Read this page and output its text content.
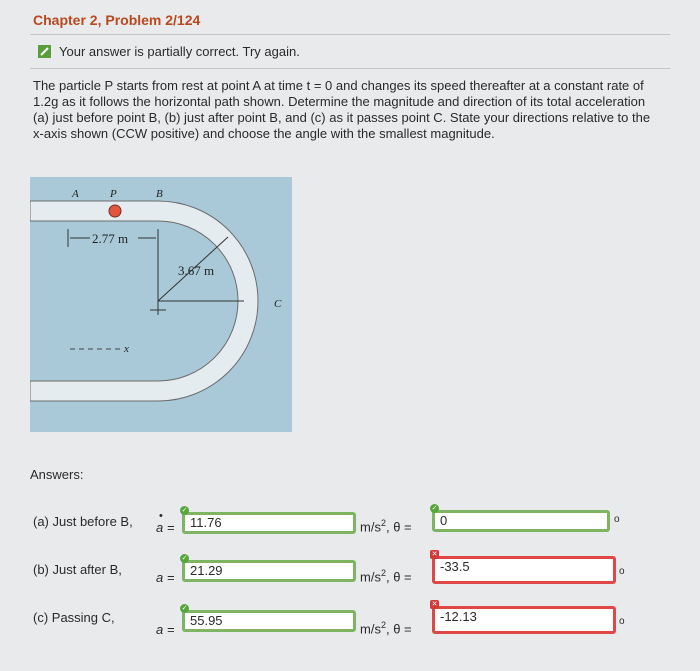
Chapter 2, Problem 2/124
Your answer is partially correct. Try again.
The particle P starts from rest at point A at time t = 0 and changes its speed thereafter at a constant rate of 1.2g as it follows the horizontal path shown. Determine the magnitude and direction of its total acceleration (a) just before point B, (b) just after point B, and (c) as it passes point C. State your directions relative to the x-axis shown (CCW positive) and choose the angle with the smallest magnitude.
A	P	B
C
2.77 m
3.67 m
x
Answers:
(a) Just before B, •
a =
✓
11.76	$m/s^2$, θ =
✓
0	o
(b) Just after B,
a =
✓
21.29	$m/s^2$, θ =
✕
-33.5	o
(c) Passing C,
a =
✓
55.95
$m/s^2$, θ =
✕
-12.13	o
